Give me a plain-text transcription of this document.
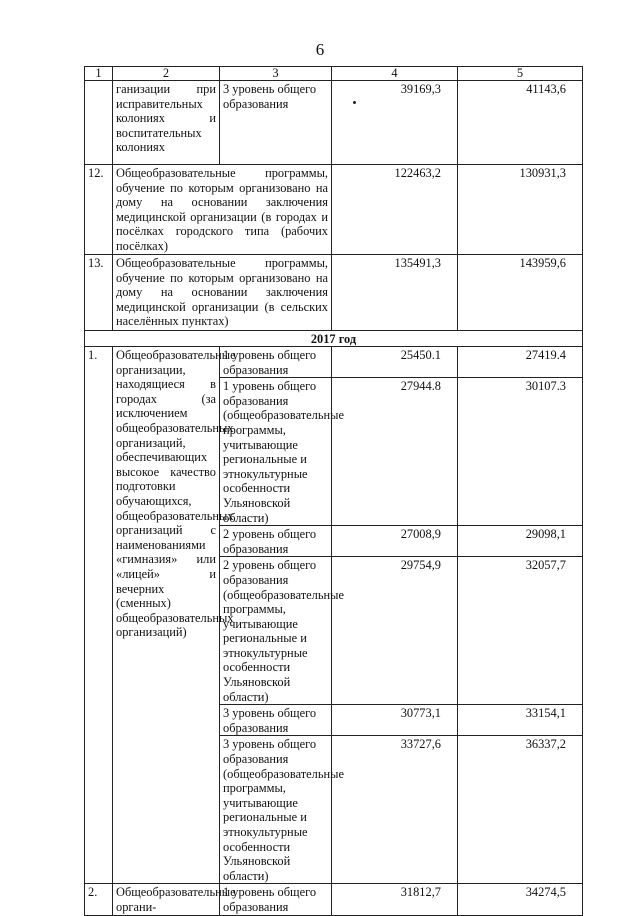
6
1	2	3	4	5
	ганизации при исправительных колониях и воспитательных колониях	3 уровень общего образования	39169,3	41143,6
12.	Общеобразовательные программы, обучение по которым организовано на дому на основании заключения медицинской организации (в городах и посёлках городского типа (рабочих посёлках)		122463,2	130931,3
13.	Общеобразовательные программы, обучение по которым организовано на дому на основании заключения медицинской организации (в сельских населённых пунктах)		135491,3	143959,6
2017 год				
1.	Общеобразовательные организации, находящиеся в городах (за исключением общеобразовательных организаций, обеспечивающих высокое качество подготовки обучающихся, общеобразовательных организаций с наименованиями «гимназия» или «лицей» и вечерних (сменных) общеобразовательных организаций)	1 уровень общего образования	25450.1	27419.4
		1 уровень общего образования (общеобразовательные программы, учитывающие региональные и этнокультурные особенности Ульяновской области)	27944.8	30107.3
		2 уровень общего образования	27008,9	29098,1
		2 уровень общего образования (общеобразовательные программы, учитывающие региональные и этнокультурные особенности Ульяновской области)	29754,9	32057,7
		3 уровень общего образования	30773,1	33154,1
		3 уровень общего образования (общеобразовательные программы, учитывающие региональные и этнокультурные особенности Ульяновской области)	33727,6	36337,2
2.	Общеобразовательные органи-	1 уровень общего образования	31812,7	34274,5
